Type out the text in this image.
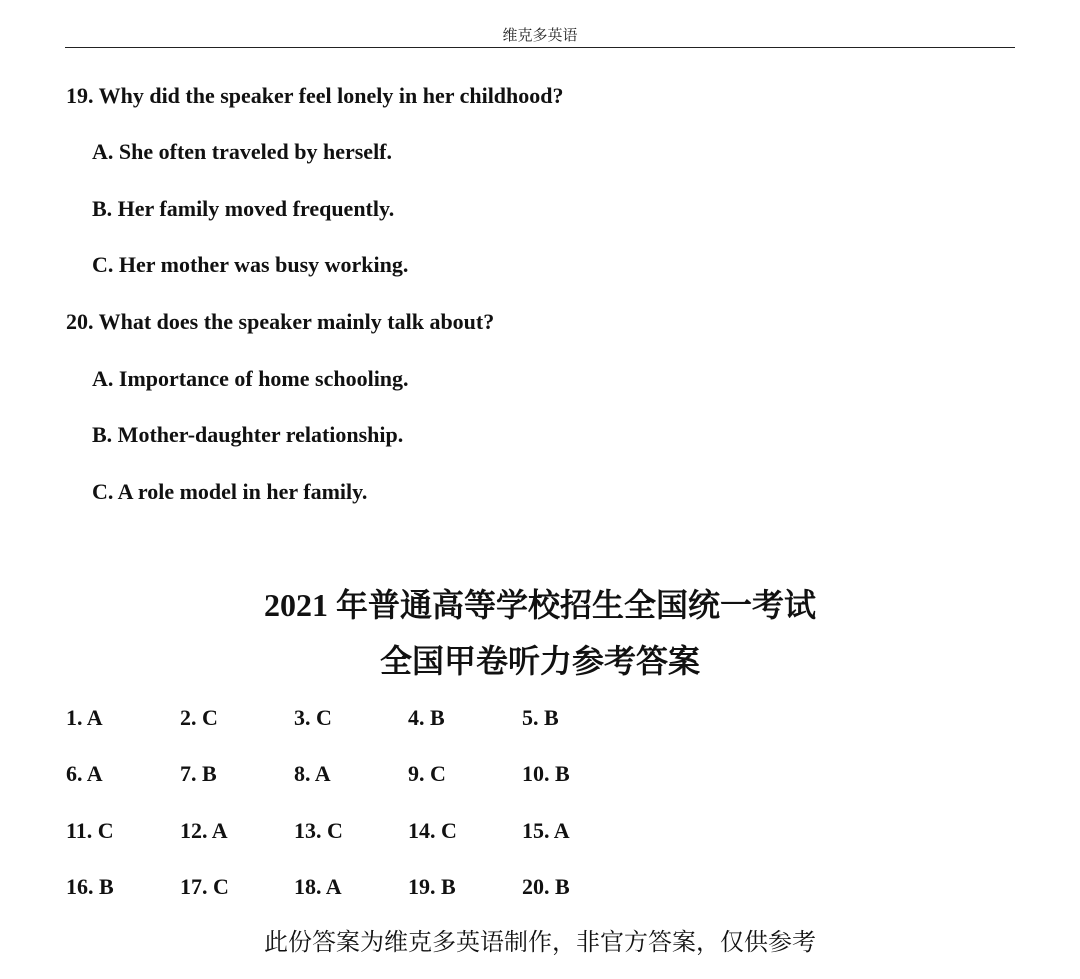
维克多英语
19. Why did the speaker feel lonely in her childhood?
A. She often traveled by herself.
B. Her family moved frequently.
C. Her mother was busy working.
20. What does the speaker mainly talk about?
A. Importance of home schooling.
B. Mother-daughter relationship.
C. A role model in her family.
2021 年普通高等学校招生全国统一考试
全国甲卷听力参考答案
1. A	2. C	3. C	4. B	5. B
6. A	7. B	8. A	9. C	10. B
11. C	12. A	13. C	14. C	15. A
16. B	17. C	18. A	19. B	20. B
此份答案为维克多英语制作，非官方答案，仅供参考
